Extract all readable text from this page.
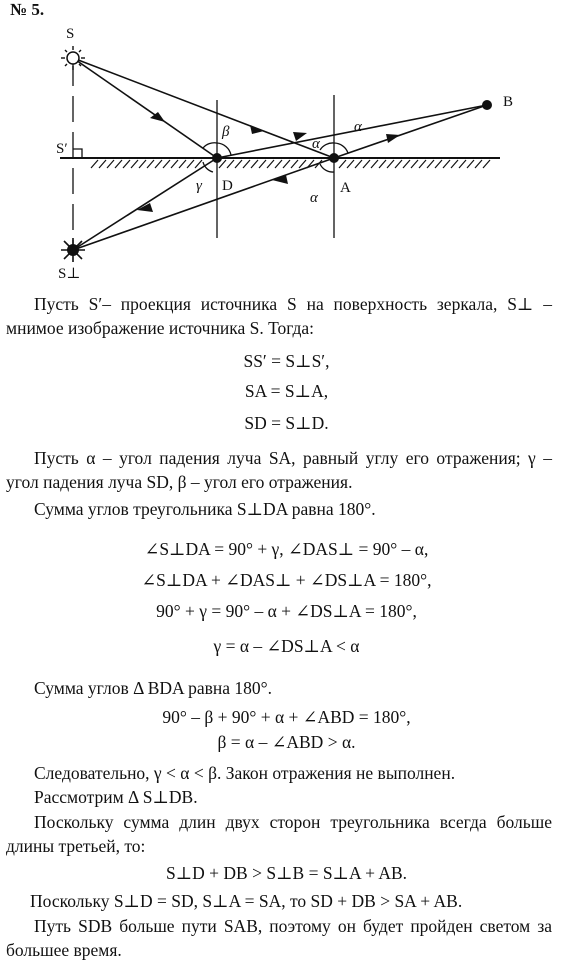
№ 5.
S
S′
S⊥
B
D	A
β
γ
α
α
α
Пусть S′– проекция источника S на поверхность зеркала, S⊥ – мнимое изображение источника S. Тогда:
SS′ = S⊥S′,
SA = S⊥A,
SD = S⊥D.
Пусть α – угол падения луча SA, равный углу его отражения; γ – угол падения луча SD, β – угол его отражения.
Сумма углов треугольника S⊥DA равна 180°.
∠S⊥DA = 90° + γ, ∠DAS⊥ = 90° – α,
∠S⊥DA + ∠DAS⊥ + ∠DS⊥A = 180°,
90° + γ = 90° – α + ∠DS⊥A = 180°,
γ = α – ∠DS⊥A < α
Сумма углов Δ BDA равна 180°.
90° – β + 90° + α + ∠ABD = 180°,
β = α – ∠ABD > α.
Следовательно, γ < α < β. Закон отражения не выполнен.
Рассмотрим Δ S⊥DB.
Поскольку сумма длин двух сторон треугольника всегда больше длины третьей, то:
S⊥D + DB > S⊥B = S⊥A + AB.
Поскольку S⊥D = SD, S⊥A = SA, то SD + DB > SA + AB.
Путь SDB больше пути SAB, поэтому он будет пройден светом за большее время.
